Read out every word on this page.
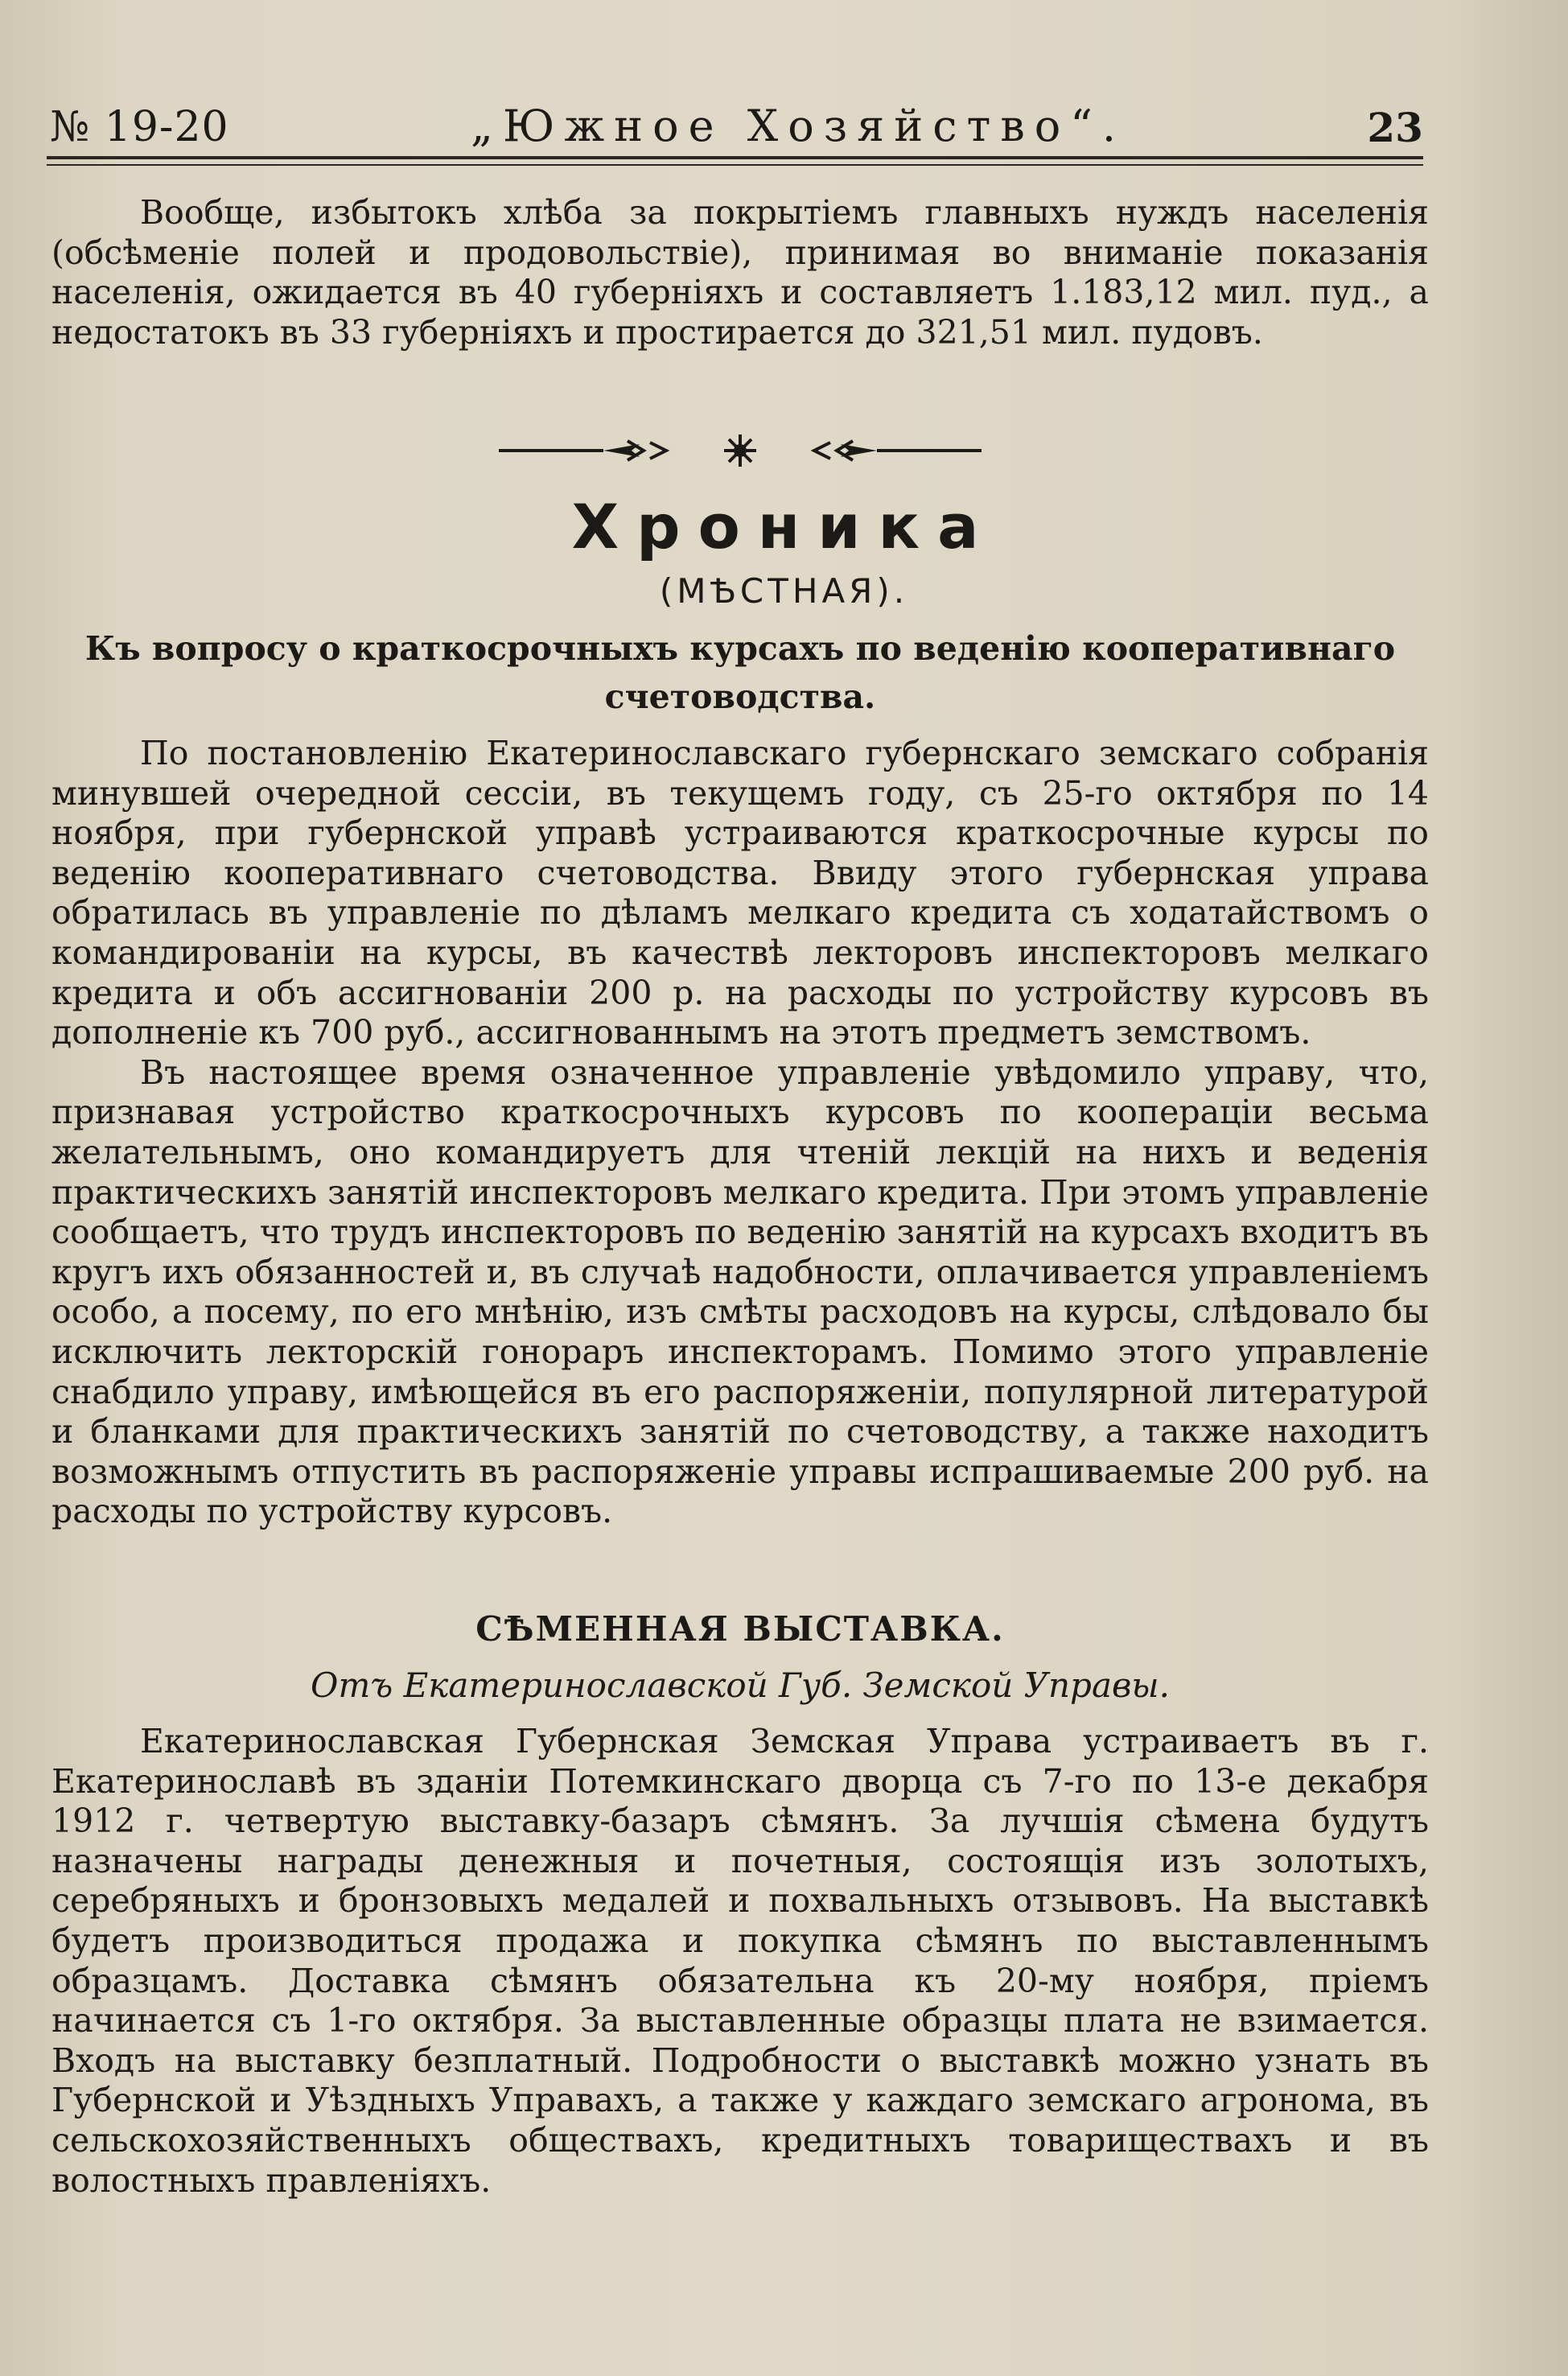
№ 19-20	„Южное Хозяйство“.	23

Вообще, избытокъ хлѣба за покрытіемъ главныхъ нуждъ населенія (обсѣменіе полей и продовольствіе), принимая во вниманіе показанія населенія, ожидается въ 40 губерніяхъ и составляетъ 1.183,12 мил. пуд., а недостатокъ въ 33 губерніяхъ и простирается до 321,51 мил. пудовъ.

Хроника
(МѢСТНАЯ).
Къ вопросу о краткосрочныхъ курсахъ по веденію кооперативнаго счетоводства.

По постановленію Екатеринославскаго губернскаго земскаго собранія минувшей очередной сессіи, въ текущемъ году, съ 25-го октября по 14 ноября, при губернской управѣ устраиваются краткосрочные курсы по веденію кооперативнаго счетоводства. Ввиду этого губернская управа обратилась въ управленіе по дѣламъ мелкаго кредита съ ходатайствомъ о командированіи на курсы, въ качествѣ лекторовъ инспекторовъ мелкаго кредита и объ ассигнованіи 200 р. на расходы по устройству курсовъ въ дополненіе къ 700 руб., ассигнованнымъ на этотъ предметъ земствомъ.

Въ настоящее время означенное управленіе увѣдомило управу, что, признавая устройство краткосрочныхъ курсовъ по коопераціи весьма желательнымъ, оно командируетъ для чтеній лекцій на нихъ и веденія практическихъ занятій инспекторовъ мелкаго кредита. При этомъ управленіе сообщаетъ, что трудъ инспекторовъ по веденію занятій на курсахъ входитъ въ кругъ ихъ обязанностей и, въ случаѣ надобности, оплачивается управленіемъ особо, а посему, по его мнѣнію, изъ смѣты расходовъ на курсы, слѣдовало бы исключить лекторскій гонораръ инспекторамъ. Помимо этого управленіе снабдило управу, имѣющейся въ его распоряженіи, популярной литературой и бланками для практическихъ занятій по счетоводству, а также находитъ возможнымъ отпустить въ распоряженіе управы испрашиваемые 200 руб. на расходы по устройству курсовъ.

СѢМЕННАЯ ВЫСТАВКА.
Отъ Екатеринославской Губ. Земской Управы.

Екатеринославская Губернская Земская Управа устраиваетъ въ г. Екатеринославѣ въ зданіи Потемкинскаго дворца съ 7-го по 13-е декабря 1912 г. четвертую выставку-базаръ сѣмянъ. За лучшія сѣмена будутъ назначены награды денежныя и почетныя, состоящія изъ золотыхъ, серебряныхъ и бронзовыхъ медалей и похвальныхъ отзывовъ. На выставкѣ будетъ производиться продажа и покупка сѣмянъ по выставленнымъ образцамъ. Доставка сѣмянъ обязательна къ 20-му ноября, пріемъ начинается съ 1-го октября. За выставленные образцы плата не взимается. Входъ на выставку безплатный. Подробности о выставкѣ можно узнать въ Губернской и Уѣздныхъ Управахъ, а также у каждаго земскаго агронома, въ сельскохозяйственныхъ обществахъ, кредитныхъ товариществахъ и въ волостныхъ правленіяхъ.
